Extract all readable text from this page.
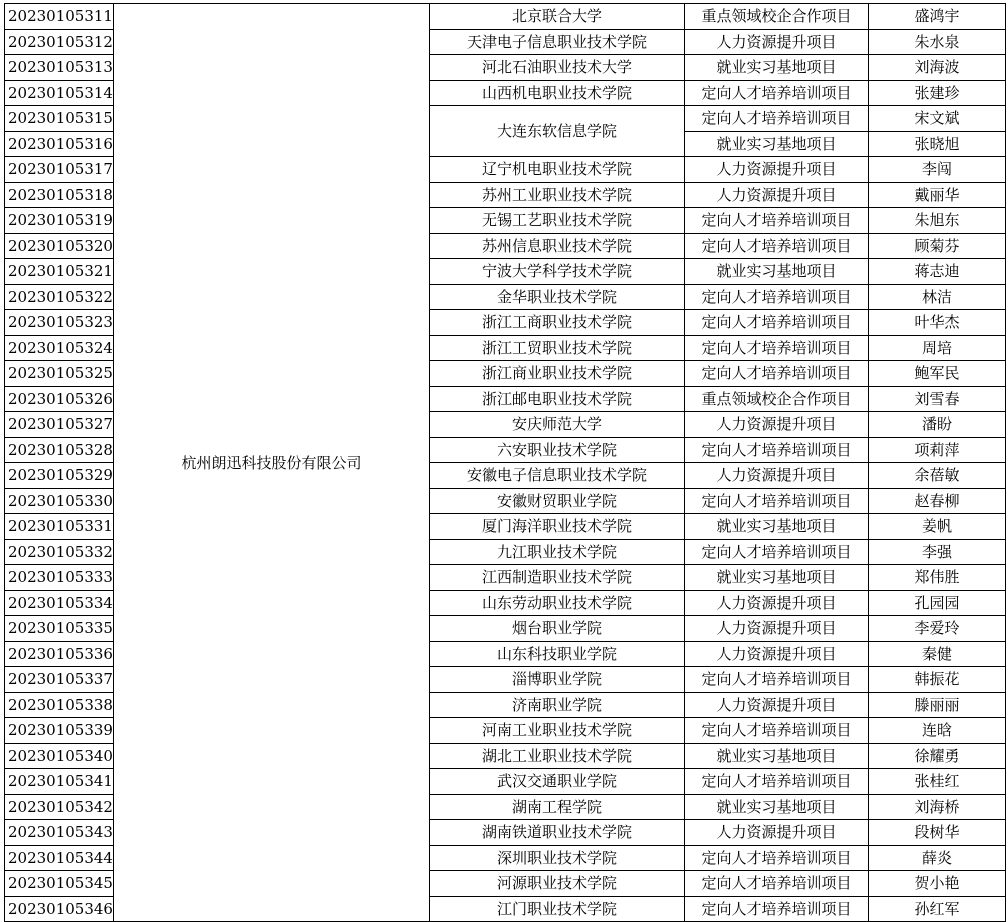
20230105311	杭州朗迅科技股份有限公司	北京联合大学	重点领域校企合作项目	盛鸿宇
20230105312		天津电子信息职业技术学院	人力资源提升项目	朱水泉
20230105313		河北石油职业技术大学	就业实习基地项目	刘海波
20230105314		山西机电职业技术学院	定向人才培养培训项目	张建珍
20230105315		大连东软信息学院	定向人才培养培训项目	宋文斌
20230105316			就业实习基地项目	张晓旭
20230105317		辽宁机电职业技术学院	人力资源提升项目	李闯
20230105318		苏州工业职业技术学院	人力资源提升项目	戴丽华
20230105319		无锡工艺职业技术学院	定向人才培养培训项目	朱旭东
20230105320		苏州信息职业技术学院	定向人才培养培训项目	顾菊芬
20230105321		宁波大学科学技术学院	就业实习基地项目	蒋志迪
20230105322		金华职业技术学院	定向人才培养培训项目	林洁
20230105323		浙江工商职业技术学院	定向人才培养培训项目	叶华杰
20230105324		浙江工贸职业技术学院	定向人才培养培训项目	周培
20230105325		浙江商业职业技术学院	定向人才培养培训项目	鲍军民
20230105326		浙江邮电职业技术学院	重点领域校企合作项目	刘雪春
20230105327		安庆师范大学	人力资源提升项目	潘盼
20230105328		六安职业技术学院	定向人才培养培训项目	项莉萍
20230105329		安徽电子信息职业技术学院	人力资源提升项目	余蓓敏
20230105330		安徽财贸职业学院	定向人才培养培训项目	赵春柳
20230105331		厦门海洋职业技术学院	就业实习基地项目	姜帆
20230105332		九江职业技术学院	定向人才培养培训项目	李强
20230105333		江西制造职业技术学院	就业实习基地项目	郑伟胜
20230105334		山东劳动职业技术学院	人力资源提升项目	孔园园
20230105335		烟台职业学院	人力资源提升项目	李爱玲
20230105336		山东科技职业学院	人力资源提升项目	秦健
20230105337		淄博职业学院	定向人才培养培训项目	韩振花
20230105338		济南职业学院	人力资源提升项目	滕丽丽
20230105339		河南工业职业技术学院	定向人才培养培训项目	连晗
20230105340		湖北工业职业技术学院	就业实习基地项目	徐耀勇
20230105341		武汉交通职业学院	定向人才培养培训项目	张桂红
20230105342		湖南工程学院	就业实习基地项目	刘海桥
20230105343		湖南铁道职业技术学院	人力资源提升项目	段树华
20230105344		深圳职业技术学院	定向人才培养培训项目	薛炎
20230105345		河源职业技术学院	定向人才培养培训项目	贺小艳
20230105346		江门职业技术学院	定向人才培养培训项目	孙红军
